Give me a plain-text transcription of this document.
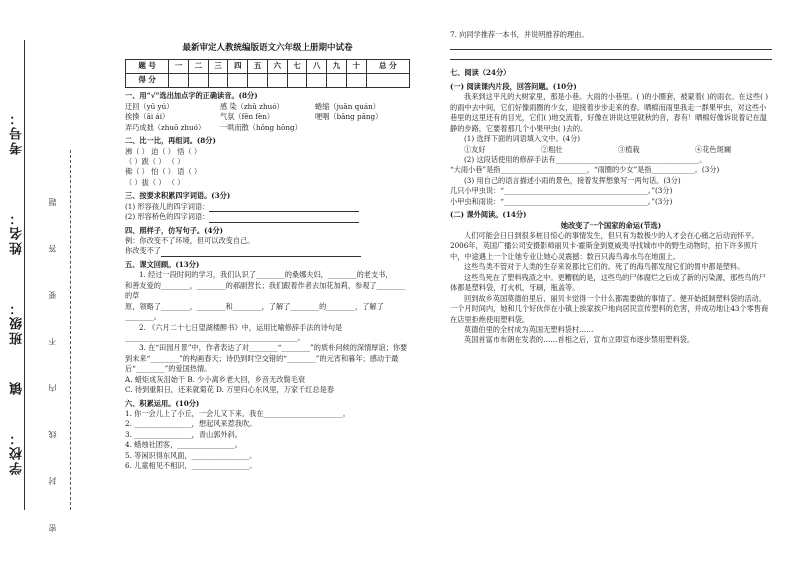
镇
学校：
班级：
姓名：
考号：
密 封 线 内 不 要 答 题
最新审定人教统编版语文六年级上册期中试卷
题 号	一	二	三	四	五	六	七	八	九	十	总 分
得 分											
一、用“√”选出加点字的正确读音。(8分)
迂回（yū yú）	感 染（zhǔ zhuó）	蜷缩（juān quán）
挨揍（āi ái）	气氛（fēn fèn）	哽咽（bāng pāng）
弄巧成拙（zhuō zhuó）	一哄而散（hǒng hōng）
二、比一比，再组词。(8分)

沸（ ） 迫（ ） 悟（ ）

（ ）跋（ ） （ ）

佛（ ） 怕（ ） 语（ ）

（ ）拔（ ） （ ）

三、按要求积累四字词语。(3分)

(1) 形容孩儿的四字词语：

(2) 形容桥色的四字词语：

四、照样子，仿写句子。(4分)

例：你改变不了环境，但可以改变自己。

你改变不了

五、课文回顾。(13分)

1. 经过一段时间的学习，我们认识了________的桑娜夫妇，________的老支书，

和善友爱的________，________的郝副营长；我们跟着作者去加花加莉，参观了________的草

原，领略了________，________和________，了解了________的________，了解了________。

2. 《六月二十七日望湖楼醉书》中，运用比喻修辞手法的诗句是

________________________________________________。

3. 在“田园月景”中，作者表达了对________“________”的质朴问候的深情厚谊；你要到未来“________”的构画春天；诗仍到时空交错的“________”的元宵和暮年；感动于最后“________”的爱国热情。

A. 蜡炬成灰泪始干 B. 少小离乡老大回，乡音无改鬓毛衰

C. 待到重阳日，还来就菊花 D. 万里归心东风里，万家千红总是春

六、积累运用。(10分)

1. 你一会儿上了小丘，一会儿又下来，我在______________________。

2. ________________，想起风来惹我吹。

3. ________________，青山郭外斜。

4. 蜡烛社团客，________________。

5. 等闲识得东风面，________________。

6. 儿童相见不相识，________________。

7. 向同学推荐一本书，并说明推荐的理由。

七、阅读（24分）
(一) 阅读课内片段，回答问题。(10分)

我来到这平凡的大树家里，那是小巷。大雨的小巷里。( )的小圈套，被蒙着( )的雨衣。在这些( )的雨中去中间，它们好像雨圈的少女，迎接着步步走来的春。晒棉而雨里我走一群果甲虫，对这些小巷里的这里还有的目光，它们( )地交流着，好像在讲说这里就秋的音，春有！晒棉好像诉说着记在温静的步路，它要着那几个小果甲虫( )去的。

(1) 选择下面的词语填入文中。(4分)

①友好	②粗壮	③植栽	④花色斑斓

(2) 这段话使用的修辞手法有________________________________________。

“大雨小巷”是指________________________，“雨圈的少女”是指____________。(3分)

(3) 用自己的语言描述小雨的景色，接着发挥想象写一两句话。(3分)

几只小甲虫说：“________________________________________。”(3分)

小甲虫和雨说：“________________________________________。”(3分)

(二) 课外阅读。(14分)
她改变了一个国家的命运(节选)

人们可能会日日到很多桩目惊心的事情发生，但只有为数极少的人才会在心痛之后动而怀平。2006年，英国广播公司安摄影师丽贝卡·霍斯金到夏威夷寻找城市中的野生动物时，拍下许多照片中，中途遇上一个让她专业让她心灵震撼：数百只海鸟毒水鸟在地面上。

这些鸟类不管对于人类的生存来说都比它们的。死了的海鸟都发现它们的胃中都是塑料。

这些鸟死在了塑料残渣之中。更糟糕的是，这些鸟的尸体腐烂之后成了新的污染源，那些鸟的尸体都是塑料袋，打火机，牙刷，瓶盖等。

回到故乡英国莫德伯里后，丽贝卡觉得一个什么都需要做的事情了。便开始抵制塑料袋的活动。一个月时间内，她和几个好伙伴在小镇上挨家挨户地向居民宣传塑料的危害，并成功地让43个零售商在店里拒绝使用塑料袋。

莫德伯里的全村成为英国无塑料袋村……

英国首富市布朗在发表的……首相之后，宣布立即宣布逐步禁用塑料袋。
